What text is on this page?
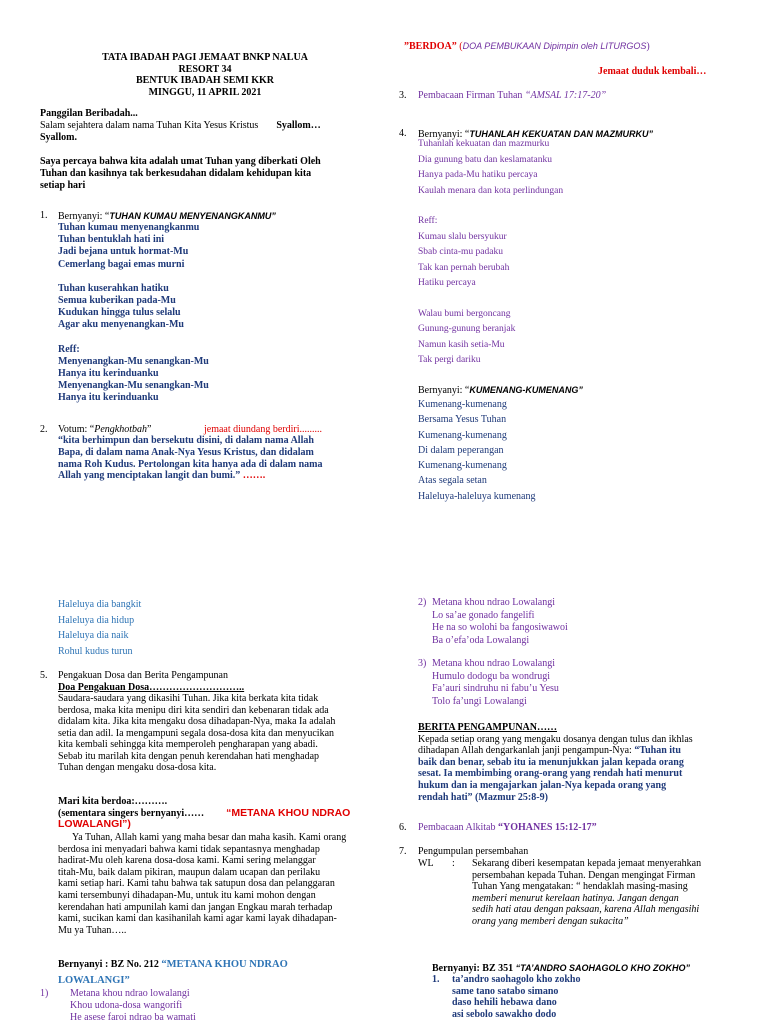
TATA IBADAH PAGI JEMAAT BNKP NALUA
RESORT 34
BENTUK IBADAH SEMI KKR
MINGGU, 11 APRIL 2021
Panggilan Beribadah...
Salam sejahtera dalam nama Tuhan Kita Yesus Kristus Syallom…
Syallom.
Saya percaya bahwa kita adalah umat Tuhan yang diberkati Oleh
Tuhan dan kasihnya tak berkesudahan didalam kehidupan kita
setiap hari
1. Bernyanyi: “TUHAN KUMAU MENYENANGKANMU”
Tuhan kumau menyenangkanmu
Tuhan bentuklah hati ini
Jadi bejana untuk hormat-Mu
Cemerlang bagai emas murni
Tuhan kuserahkan hatiku
Semua kuberikan pada-Mu
Kudukan hingga tulus selalu
Agar aku menyenangkan-Mu
Reff:
Menyenangkan-Mu senangkan-Mu
Hanya itu kerinduanku
Menyenangkan-Mu senangkan-Mu
Hanya itu kerinduanku
2. Votum: “Pengkhotbah”	jemaat diundang berdiri.........
“kita berhimpun dan bersekutu disini, di dalam nama Allah
Bapa, di dalam nama Anak-Nya Yesus Kristus, dan didalam
nama Roh Kudus. Pertolongan kita hanya ada di dalam nama
Allah yang menciptakan langit dan bumi.” …….
”BERDOA” (DOA PEMBUKAAN Dipimpin oleh LITURGOS)
Jemaat duduk kembali…
3. Pembacaan Firman Tuhan “AMSAL 17:17-20”
4. Bernyanyi: “TUHANLAH KEKUATAN DAN MAZMURKU”
Tuhanlah kekuatan dan mazmurku
Dia gunung batu dan keslamatanku
Hanya pada-Mu hatiku percaya
Kaulah menara dan kota perlindungan
Reff:
Kumau slalu bersyukur
Sbab cinta-mu padaku
Tak kan pernah berubah
Hatiku percaya
Walau bumi bergoncang
Gunung-gunung beranjak
Namun kasih setia-Mu
Tak pergi dariku
Bernyanyi: “KUMENANG-KUMENANG”
Kumenang-kumenang
Bersama Yesus Tuhan
Kumenang-kumenang
Di dalam peperangan
Kumenang-kumenang
Atas segala setan
Haleluya-haleluya kumenang
Haleluya dia bangkit
Haleluya dia hidup
Haleluya dia naik
Rohul kudus turun
5. Pengakuan Dosa dan Berita Pengampunan
Doa Pengakuan Dosa………………………..
Saudara-saudara yang dikasihi Tuhan. Jika kita berkata kita tidak
berdosa, maka kita menipu diri kita sendiri dan kebenaran tidak ada
didalam kita. Jika kita mengaku dosa dihadapan-Nya, maka Ia adalah
setia dan adil. Ia mengampuni segala dosa-dosa kita dan menyucikan
kita kembali sehingga kita memperoleh pengharapan yang abadi.
Sebab itu marilah kita dengan penuh kerendahan hati menghadap
Tuhan dengan mengaku dosa-dosa kita.
Mari kita berdoa:……….
(sementara singers bernyanyi…… “METANA KHOU NDRAO
LOWALANGI”)
Ya Tuhan, Allah kami yang maha besar dan maha kasih. Kami orang
berdosa ini menyadari bahwa kami tidak sepantasnya menghadap
hadirat-Mu oleh karena dosa-dosa kami. Kami sering melanggar
titah-Mu, baik dalam pikiran, maupun dalam ucapan dan perilaku
kami setiap hari. Kami tahu bahwa tak satupun dosa dan pelanggaran
kami tersembunyi dihadapan-Mu, untuk itu kami mohon dengan
kerendahan hati ampunilah kami dan jangan Engkau marah terhadap
kami, sucikan kami dan kasihanilah kami agar kami layak dihadapan-
Mu ya Tuhan…..
Bernyanyi : BZ No. 212 “METANA KHOU NDRAO
LOWALANGI”
1) Metana khou ndrao lowalangi
Khou udona-dosa wangorifi
He asese faroi ndrao ba wamati
2) Metana khou ndrao Lowalangi
Lo sa’ae gonado fangelifi
He na so wolohi ba fangosiwawoi
Ba o’efa’oda Lowalangi
3) Metana khou ndrao Lowalangi
Humulo dodogu ba wondrugi
Fa’auri sindruhu ni fabu’u Yesu
Tolo fa’ungi Lowalangi
BERITA PENGAMPUNAN……
Kepada setiap orang yang mengaku dosanya dengan tulus dan ikhlas
dihadapan Allah dengarkanlah janji pengampun-Nya: “Tuhan itu
baik dan benar, sebab itu ia menunjukkan jalan kepada orang
sesat. Ia membimbing orang-orang yang rendah hati menurut
hukum dan ia mengajarkan jalan-Nya kepada orang yang
rendah hati” (Mazmur 25:8-9)
6. Pembacaan Alkitab “YOHANES 15:12-17”
7. Pengumpulan persembahan
WL : Sekarang diberi kesempatan kepada jemaat menyerahkan
persembahan kepada Tuhan. Dengan mengingat Firman
Tuhan Yang mengatakan: “ hendaklah masing-masing
memberi menurut kerelaan hatinya. Jangan dengan
sedih hati atau dengan paksaan, karena Allah mengasihi
orang yang memberi dengan sukacita”
Bernyanyi: BZ 351 “TA’ANDRO SAOHAGOLO KHO ZOKHO”
1. ta’andro saohagolo kho zokho
same tano satabo simano
daso hehili hebawa dano
asi sebolo sawakho dodo
